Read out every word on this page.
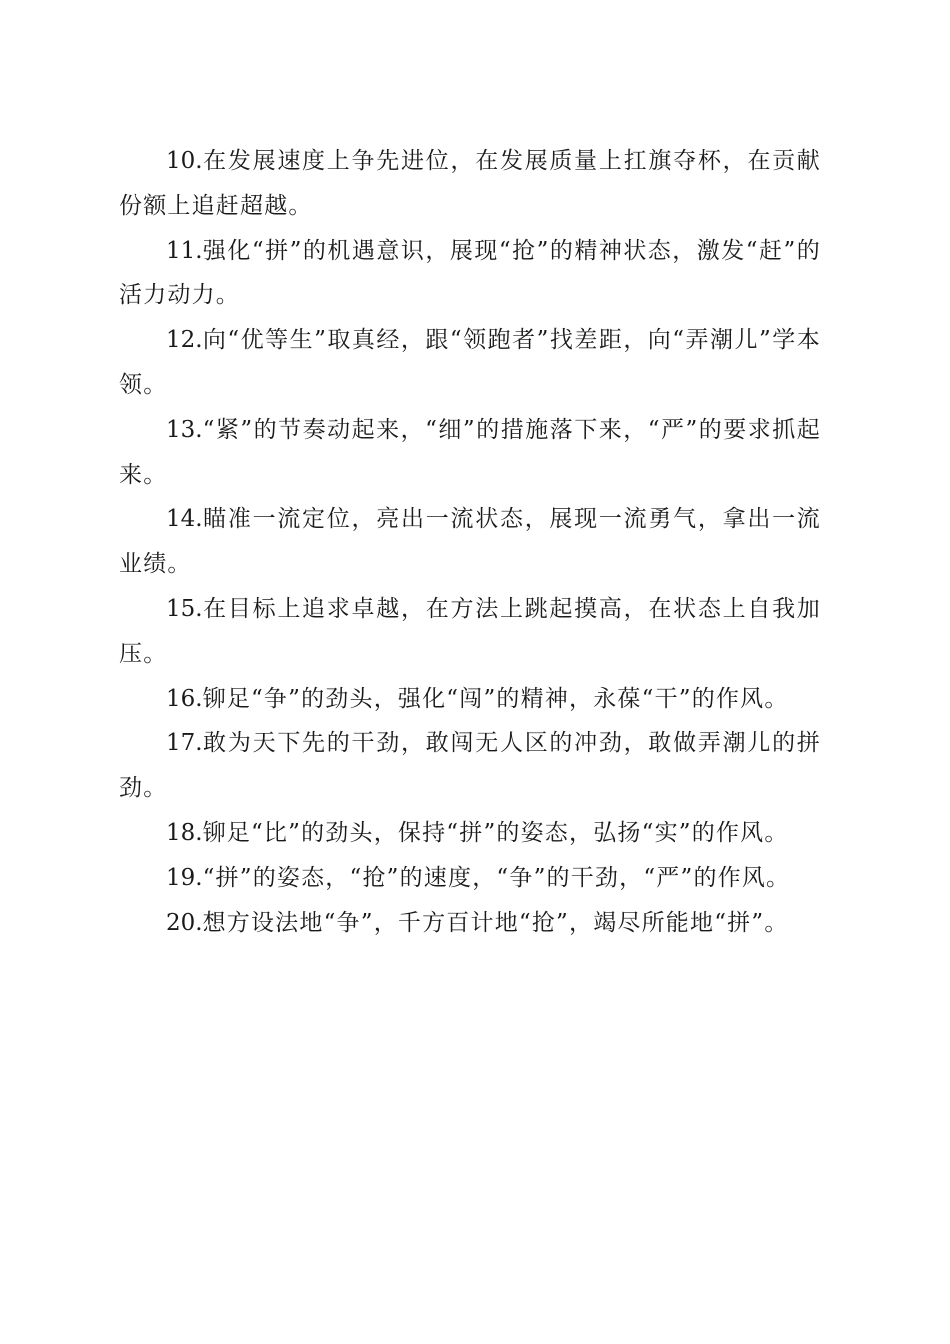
10.在发展速度上争先进位，在发展质量上扛旗夺杯，在贡献份额上追赶超越。

11.强化“拼”的机遇意识，展现“抢”的精神状态，激发“赶”的活力动力。

12.向“优等生”取真经，跟“领跑者”找差距，向“弄潮儿”学本领。

13.“紧”的节奏动起来，“细”的措施落下来，“严”的要求抓起来。

14.瞄准一流定位，亮出一流状态，展现一流勇气，拿出一流业绩。

15.在目标上追求卓越，在方法上跳起摸高，在状态上自我加压。

16.铆足“争”的劲头，强化“闯”的精神，永葆“干”的作风。

17.敢为天下先的干劲，敢闯无人区的冲劲，敢做弄潮儿的拼劲。

18.铆足“比”的劲头，保持“拼”的姿态，弘扬“实”的作风。

19.“拼”的姿态，“抢”的速度，“争”的干劲，“严”的作风。

20.想方设法地“争”，千方百计地“抢”，竭尽所能地“拼”。
